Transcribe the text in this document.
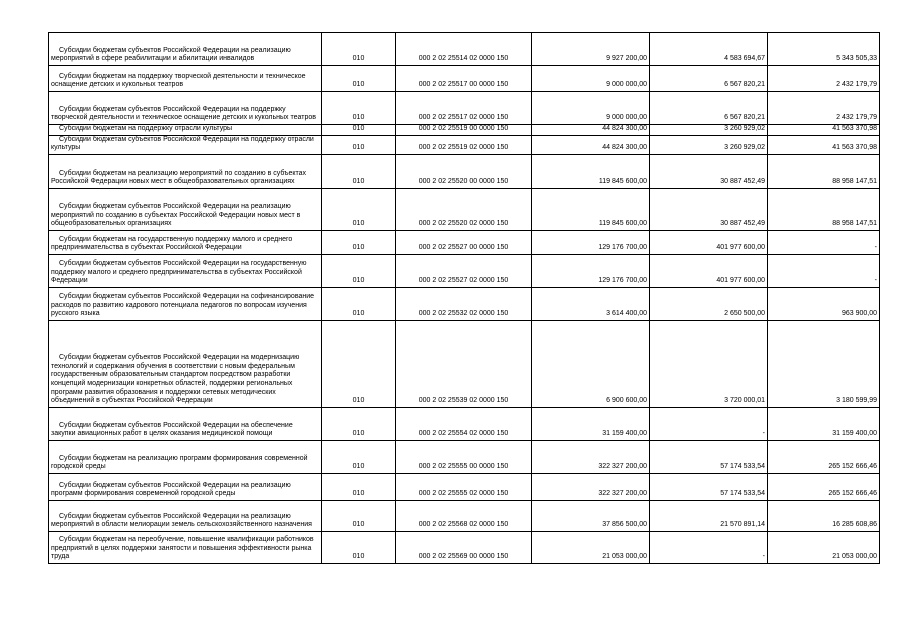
Субсидии бюджетам субъектов Российской Федерации на реализацию мероприятий в сфере реабилитации и абилитации инвалидов	010	000 2 02 25514 02 0000 150	9 927 200,00	4 583 694,67	5 343 505,33

Субсидии бюджетам на поддержку творческой деятельности и техническое оснащение детских и кукольных театров	010	000 2 02 25517 00 0000 150	9 000 000,00	6 567 820,21	2 432 179,79

Субсидии бюджетам субъектов Российской Федерации на поддержку творческой деятельности и техническое оснащение детских и кукольных театров	010	000 2 02 25517 02 0000 150	9 000 000,00	6 567 820,21	2 432 179,79

Субсидии бюджетам на поддержку отрасли культуры	010	000 2 02 25519 00 0000 150	44 824 300,00	3 260 929,02	41 563 370,98

Субсидии бюджетам субъектов Российской Федерации на поддержку отрасли культуры	010	000 2 02 25519 02 0000 150	44 824 300,00	3 260 929,02	41 563 370,98

Субсидии бюджетам на реализацию мероприятий по созданию в субъектах Российской Федерации новых мест в общеобразовательных организациях	010	000 2 02 25520 00 0000 150	119 845 600,00	30 887 452,49	88 958 147,51

Субсидии бюджетам субъектов Российской Федерации на реализацию мероприятий по созданию в субъектах Российской Федерации новых мест в общеобразовательных организациях	010	000 2 02 25520 02 0000 150	119 845 600,00	30 887 452,49	88 958 147,51

Субсидии бюджетам на государственную поддержку малого и среднего предпринимательства в субъектах Российской Федерации	010	000 2 02 25527 00 0000 150	129 176 700,00	401 977 600,00	-

Субсидии бюджетам субъектов Российской Федерации на государственную поддержку малого и среднего предпринимательства в субъектах Российской Федерации	010	000 2 02 25527 02 0000 150	129 176 700,00	401 977 600,00	-

Субсидии бюджетам субъектов Российской Федерации на софинансирование расходов по развитию кадрового потенциала педагогов по вопросам изучения русского языка	010	000 2 02 25532 02 0000 150	3 614 400,00	2 650 500,00	963 900,00

Субсидии бюджетам субъектов Российской Федерации на модернизацию технологий и содержания обучения в соответствии с новым федеральным государственным образовательным стандартом посредством разработки концепций модернизации конкретных областей, поддержки региональных программ развития образования и поддержки сетевых методических объединений в субъектах Российской Федерации	010	000 2 02 25539 02 0000 150	6 900 600,00	3 720 000,01	3 180 599,99

Субсидии бюджетам субъектов Российской Федерации на обеспечение закупки авиационных работ в целях оказания медицинской помощи	010	000 2 02 25554 02 0000 150	31 159 400,00	-	31 159 400,00

Субсидии бюджетам на реализацию программ формирования современной городской среды	010	000 2 02 25555 00 0000 150	322 327 200,00	57 174 533,54	265 152 666,46

Субсидии бюджетам субъектов Российской Федерации на реализацию программ формирования современной городской среды	010	000 2 02 25555 02 0000 150	322 327 200,00	57 174 533,54	265 152 666,46

Субсидии бюджетам субъектов Российской Федерации на реализацию мероприятий в области мелиорации земель сельскохозяйственного назначения	010	000 2 02 25568 02 0000 150	37 856 500,00	21 570 891,14	16 285 608,86

Субсидии бюджетам на переобучение, повышение квалификации работников предприятий в целях поддержки занятости и повышения эффективности рынка труда	010	000 2 02 25569 00 0000 150	21 053 000,00	-	21 053 000,00
